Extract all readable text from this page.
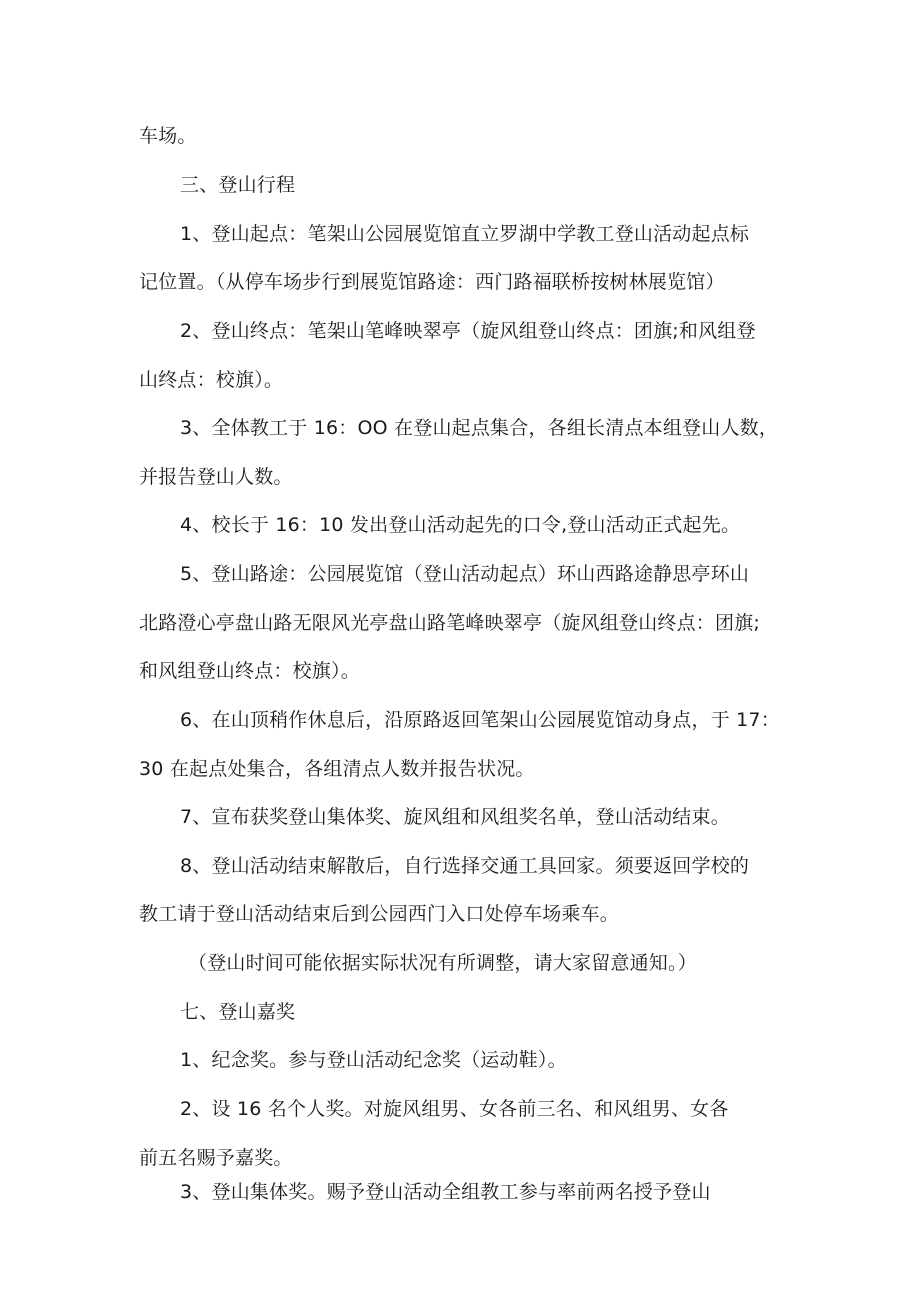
车场。

三、登山行程

1、登山起点：笔架山公园展览馆直立罗湖中学教工登山活动起点标

记位置。（从停车场步行到展览馆路途：西门路福联桥按树林展览馆）

2、登山终点：笔架山笔峰映翠亭（旋风组登山终点：团旗;和风组登

山终点：校旗）。

3、全体教工于 16：OO 在登山起点集合，各组长清点本组登山人数，

并报告登山人数。

4、校长于 16：10 发出登山活动起先的口令,登山活动正式起先。

5、登山路途：公园展览馆（登山活动起点）环山西路途静思亭环山

北路澄心亭盘山路无限风光亭盘山路笔峰映翠亭（旋风组登山终点：团旗;

和风组登山终点：校旗）。

6、在山顶稍作休息后，沿原路返回笔架山公园展览馆动身点，于 17：

30 在起点处集合，各组清点人数并报告状况。

7、宣布获奖登山集体奖、旋风组和风组奖名单，登山活动结束。

8、登山活动结束解散后，自行选择交通工具回家。须要返回学校的

教工请于登山活动结束后到公园西门入口处停车场乘车。

（登山时间可能依据实际状况有所调整，请大家留意通知。）

七、登山嘉奖

1、纪念奖。参与登山活动纪念奖（运动鞋）。

2、设 16 名个人奖。对旋风组男、女各前三名、和风组男、女各

前五名赐予嘉奖。

3、登山集体奖。赐予登山活动全组教工参与率前两名授予登山
